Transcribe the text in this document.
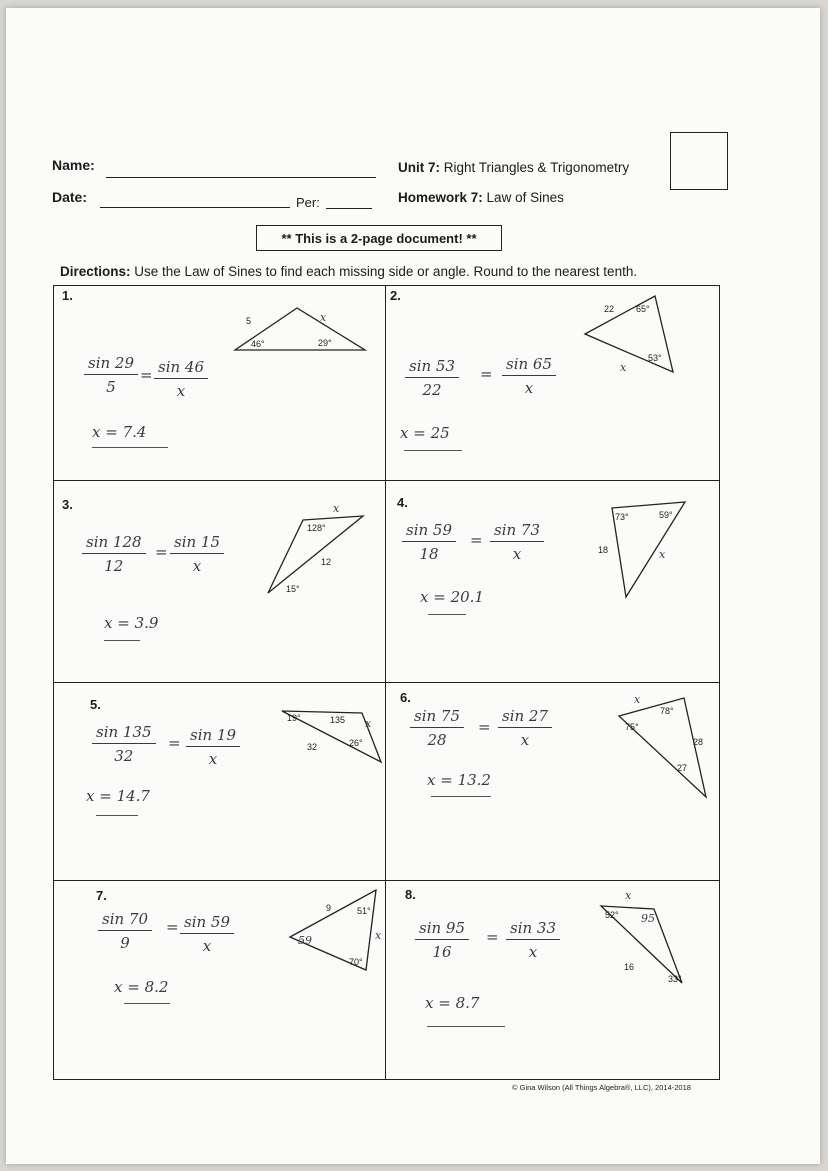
Name:
Date:	Per:
Unit 7: Right Triangles & Trigonometry
Homework 7: Law of Sines
** This is a 2-page document! **
Directions: Use the Law of Sines to find each missing side or angle. Round to the nearest tenth.
1.	2.
3.	4.
5.	6.
7.	8.
5	x
46°	29°
22 65°
53°
x
x
128°
12
15°
73°	59°
18	x
19°	135 x
32	26°
x
75°
78°
28
27
9	51°
x
59
70°
x
52° 95
16
33°
$\frac{\sin 29}{5} = \frac{\sin 46}{x}$
x = 7.4
$\frac{\sin 53}{22} = \frac{\sin 65}{x}$
x = 25
$\frac{\sin 128}{12} = \frac{\sin 15}{x}$
x = 3.9
$\frac{\sin 59}{18} = \frac{\sin 73}{x}$
x = 20.1
$\frac{\sin 135}{32} = \frac{\sin 19}{x}$
x = 14.7
$\frac{\sin 75}{28} = \frac{\sin 27}{x}$
x = 13.2
$\frac{\sin 70}{9} = \frac{\sin 59}{x}$
x = 8.2
$\frac{\sin 95}{16} = \frac{\sin 33}{x}$
x = 8.7
© Gina Wilson (All Things Algebra®, LLC), 2014-2018
